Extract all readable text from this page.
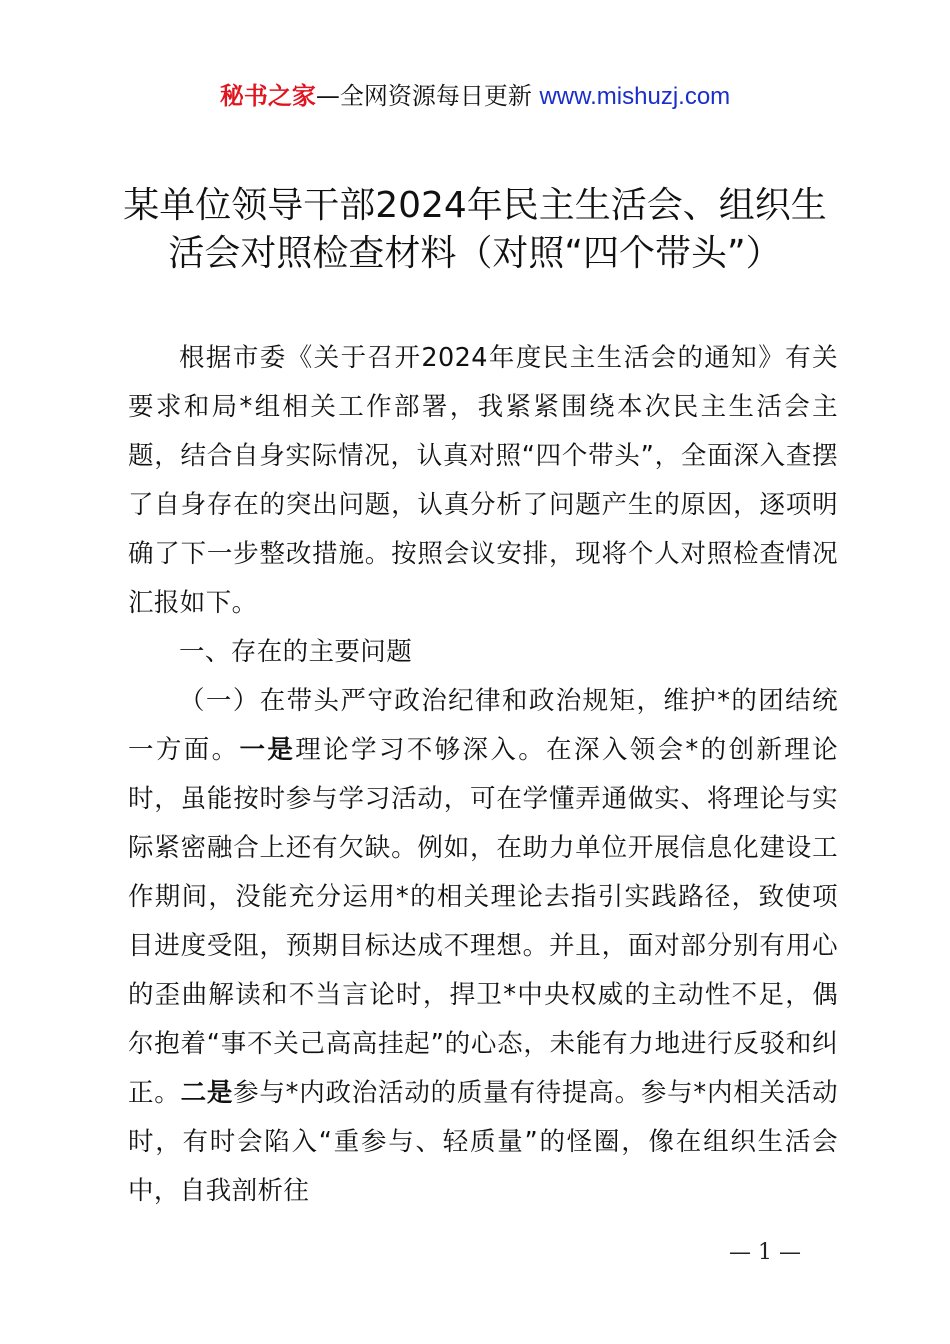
秘书之家—全网资源每日更新 www.mishuzj.com
某单位领导干部2024年民主生活会、组织生
活会对照检查材料（对照“四个带头”）

根据市委《关于召开2024年度民主生活会的通知》有关要求和局*组相关工作部署，我紧紧围绕本次民主生活会主题，结合自身实际情况，认真对照“四个带头”，全面深入查摆了自身存在的突出问题，认真分析了问题产生的原因，逐项明确了下一步整改措施。按照会议安排，现将个人对照检查情况汇报如下。

一、存在的主要问题

（一）在带头严守政治纪律和政治规矩，维护*的团结统一方面。一是理论学习不够深入。在深入领会*的创新理论时，虽能按时参与学习活动，可在学懂弄通做实、将理论与实际紧密融合上还有欠缺。例如，在助力单位开展信息化建设工作期间，没能充分运用*的相关理论去指引实践路径，致使项目进度受阻，预期目标达成不理想。并且，面对部分别有用心的歪曲解读和不当言论时，捍卫*中央权威的主动性不足，偶尔抱着“事不关己高高挂起”的心态，未能有力地进行反驳和纠正。二是参与*内政治活动的质量有待提高。参与*内相关活动时，有时会陷入“重参与、轻质量”的怪圈，像在组织生活会中，自我剖析往

— 1 —
